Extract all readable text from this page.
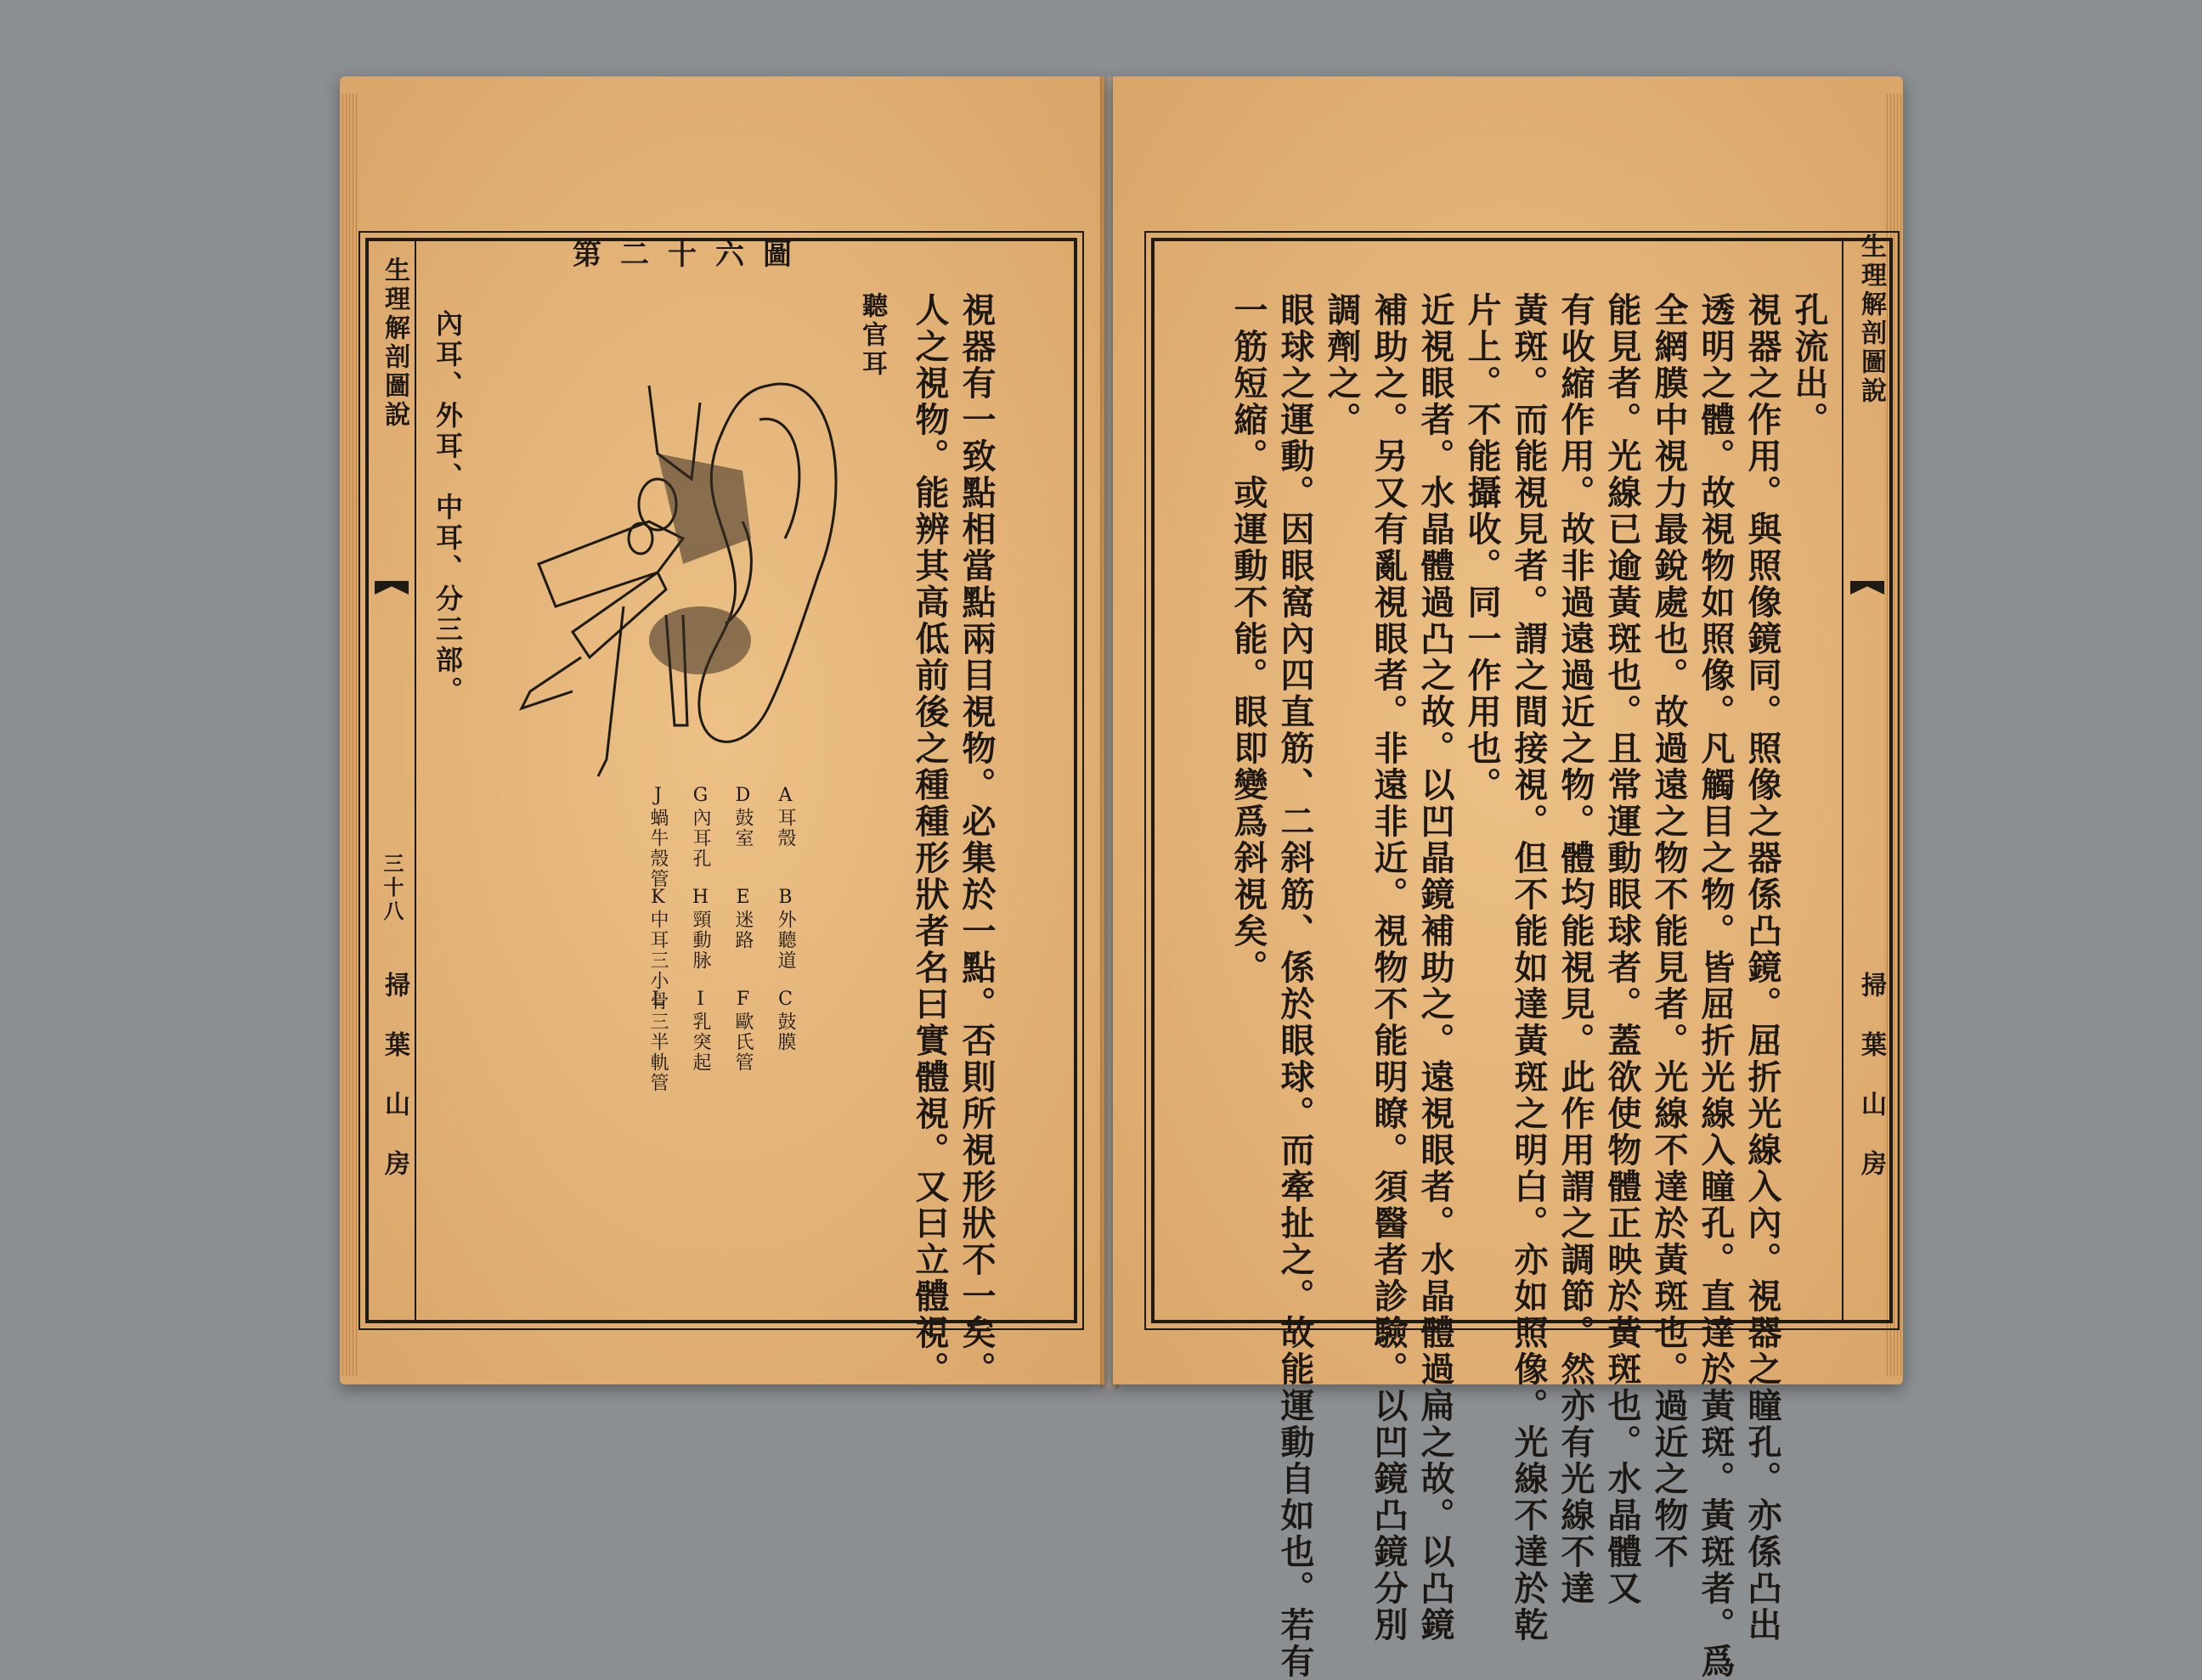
生理解剖圖說
三十八
掃葉山房	視器有一致點相當點兩目視物。必集於一點。否則所視形狀不一矣。
人之視物。能辨其高低前後之種種形狀者名曰實體視。又曰立體視。
聽官耳
第二十六圖
內耳、外耳、中耳、分三部。
A耳殼
B外聽道
C鼓膜
D鼓室
E迷路
F歐氏管
G內耳孔
H頸動脉
I乳突起
J蝸牛殼管
K中耳三小骨
L三半軌管
生理解剖圖說
掃葉山房
孔流出。
視器之作用。與照像鏡同。照像之器係凸鏡。屈折光線入內。視器之瞳孔。亦係凸出
透明之體。故視物如照像。凡觸目之物。皆屈折光線入瞳孔。直達於黃斑。黃斑者。爲
全網膜中視力最銳處也。故過遠之物不能見者。光線不達於黃斑也。過近之物不
能見者。光線已逾黃斑也。且常運動眼球者。蓋欲使物體正映於黃斑也。水晶體又
有收縮作用。故非過遠過近之物。體均能視見。此作用謂之調節。然亦有光線不達
黃斑。而能視見者。謂之間接視。但不能如達黃斑之明白。亦如照像。光線不達於乾
片上。不能攝收。同一作用也。
近視眼者。水晶體過凸之故。以凹晶鏡補助之。遠視眼者。水晶體過扁之故。以凸鏡
補助之。另又有亂視眼者。非遠非近。視物不能明瞭。須醫者診驗。以凹鏡凸鏡分別
調劑之。
眼球之運動。因眼窩內四直筋、二斜筋、係於眼球。而牽扯之。故能運動自如也。若有
一筋短縮。或運動不能。眼即變爲斜視矣。
